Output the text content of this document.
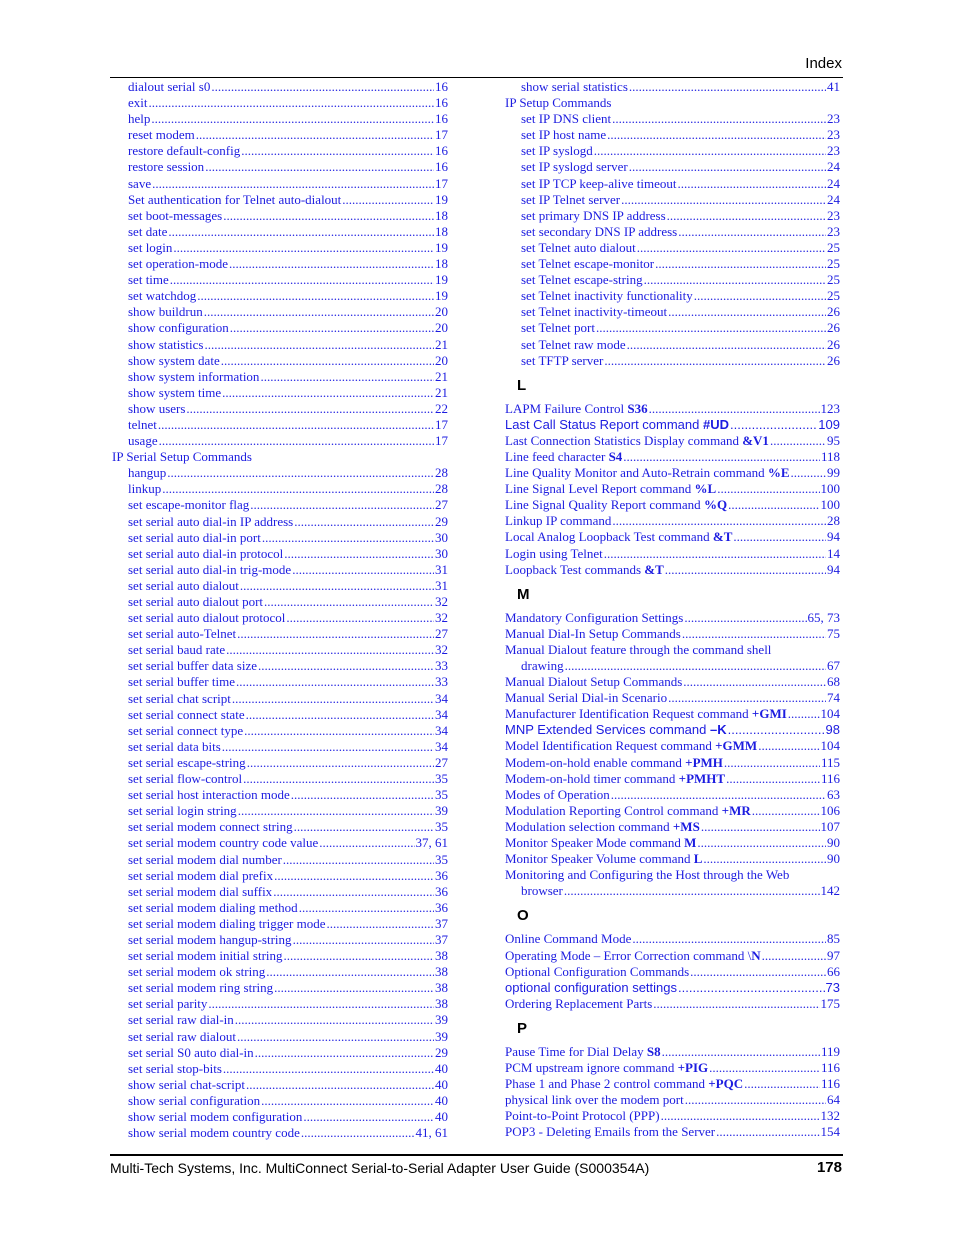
Index
dialout serial s0 .....	16
exit .....	16
help .....	16
reset modem .....	17
restore default-config .....	16
restore session .....	16
save .....	17
Set authentication for Telnet auto-dialout .....	19
set boot-messages .....	18
set date .....	18
set login .....	19
set operation-mode .....	18
set time .....	19
set watchdog .....	19
show buildrun .....	20
show configuration .....	20
show statistics .....	21
show system date .....	20
show system information .....	21
show system time .....	21
show users .....	22
telnet .....	17
usage .....	17
IP Serial Setup Commands
hangup .....	28
linkup .....	28
set escape-monitor flag .....	27
set serial auto dial-in IP address .....	29
set serial auto dial-in port .....	30
set serial auto dial-in protocol .....	30
set serial auto dial-in trig-mode .....	31
set serial auto dialout .....	31
set serial auto dialout port .....	32
set serial auto dialout protocol .....	32
set serial auto-Telnet .....	27
set serial baud rate .....	32
set serial buffer data size .....	33
set serial buffer time .....	33
set serial chat script .....	34
set serial connect state .....	34
set serial connect type .....	34
set serial data bits .....	34
set serial escape-string .....	27
set serial flow-control .....	35
set serial host interaction mode .....	35
set serial login string .....	39
set serial modem connect string .....	35
set serial modem country code value .....	37, 61
set serial modem dial number .....	35
set serial modem dial prefix .....	36
set serial modem dial suffix .....	36
set serial modem dialing method .....	36
set serial modem dialing trigger mode .....	37
set serial modem hangup-string .....	37
set serial modem initial string .....	38
set serial modem ok string .....	38
set serial modem ring string .....	38
set serial parity .....	38
set serial raw dial-in .....	39
set serial raw dialout .....	39
set serial S0 auto dial-in .....	29
set serial stop-bits .....	40
show serial chat-script .....	40
show serial configuration .....	40
show serial modem configuration .....	40
show serial modem country code .....	41, 61
show serial statistics .....	41
IP Setup Commands
set IP DNS client .....	23
set IP host name .....	23
set IP syslogd .....	23
set IP syslogd server .....	24
set IP TCP keep-alive timeout .....	24
set IP Telnet server .....	24
set primary DNS IP address .....	23
set secondary DNS IP address .....	23
set Telnet auto dialout .....	25
set Telnet escape-monitor .....	25
set Telnet escape-string .....	25
set Telnet inactivity functionality .....	25
set Telnet inactivity-timeout .....	26
set Telnet port .....	26
set Telnet raw mode .....	26
set TFTP server .....	26
L
LAPM Failure Control S36 .....	123
Last Call Status Report command #UD .....	109
Last Connection Statistics Display command &V1 .....	95
Line feed character S4 .....	118
Line Quality Monitor and Auto-Retrain command %E .....	99
Line Signal Level Report command %L .....	100
Line Signal Quality Report command %Q .....	100
Linkup IP command .....	28
Local Analog Loopback Test command &T .....	94
Login using Telnet .....	14
Loopback Test commands &T .....	94
M
Mandatory Configuration Settings .....	65, 73
Manual Dial-In Setup Commands .....	75
Manual Dialout feature through the command shell
drawing .....	67
Manual Dialout Setup Commands .....	68
Manual Serial Dial-in Scenario .....	74
Manufacturer Identification Request command +GMI .....	104
MNP Extended Services command –K .....	98
Model Identification Request command +GMM .....	104
Modem-on-hold enable command +PMH .....	115
Modem-on-hold timer command +PMHT .....	116
Modes of Operation .....	63
Modulation Reporting Control command +MR .....	106
Modulation selection command +MS .....	107
Monitor Speaker Mode command M .....	90
Monitor Speaker Volume command L .....	90
Monitoring and Configuring the Host through the Web
browser .....	142
O
Online Command Mode .....	85
Operating Mode – Error Correction command \N .....	97
Optional Configuration Commands .....	66
optional configuration settings .....	73
Ordering Replacement Parts .....	175
P
Pause Time for Dial Delay S8 .....	119
PCM upstream ignore command +PIG .....	116
Phase 1 and Phase 2 control command +PQC .....	116
physical link over the modem port .....	64
Point-to-Point Protocol (PPP) .....	132
POP3 - Deleting Emails from the Server .....	154
Multi-Tech Systems, Inc. MultiConnect Serial-to-Serial Adapter User Guide (S000354A)	178
